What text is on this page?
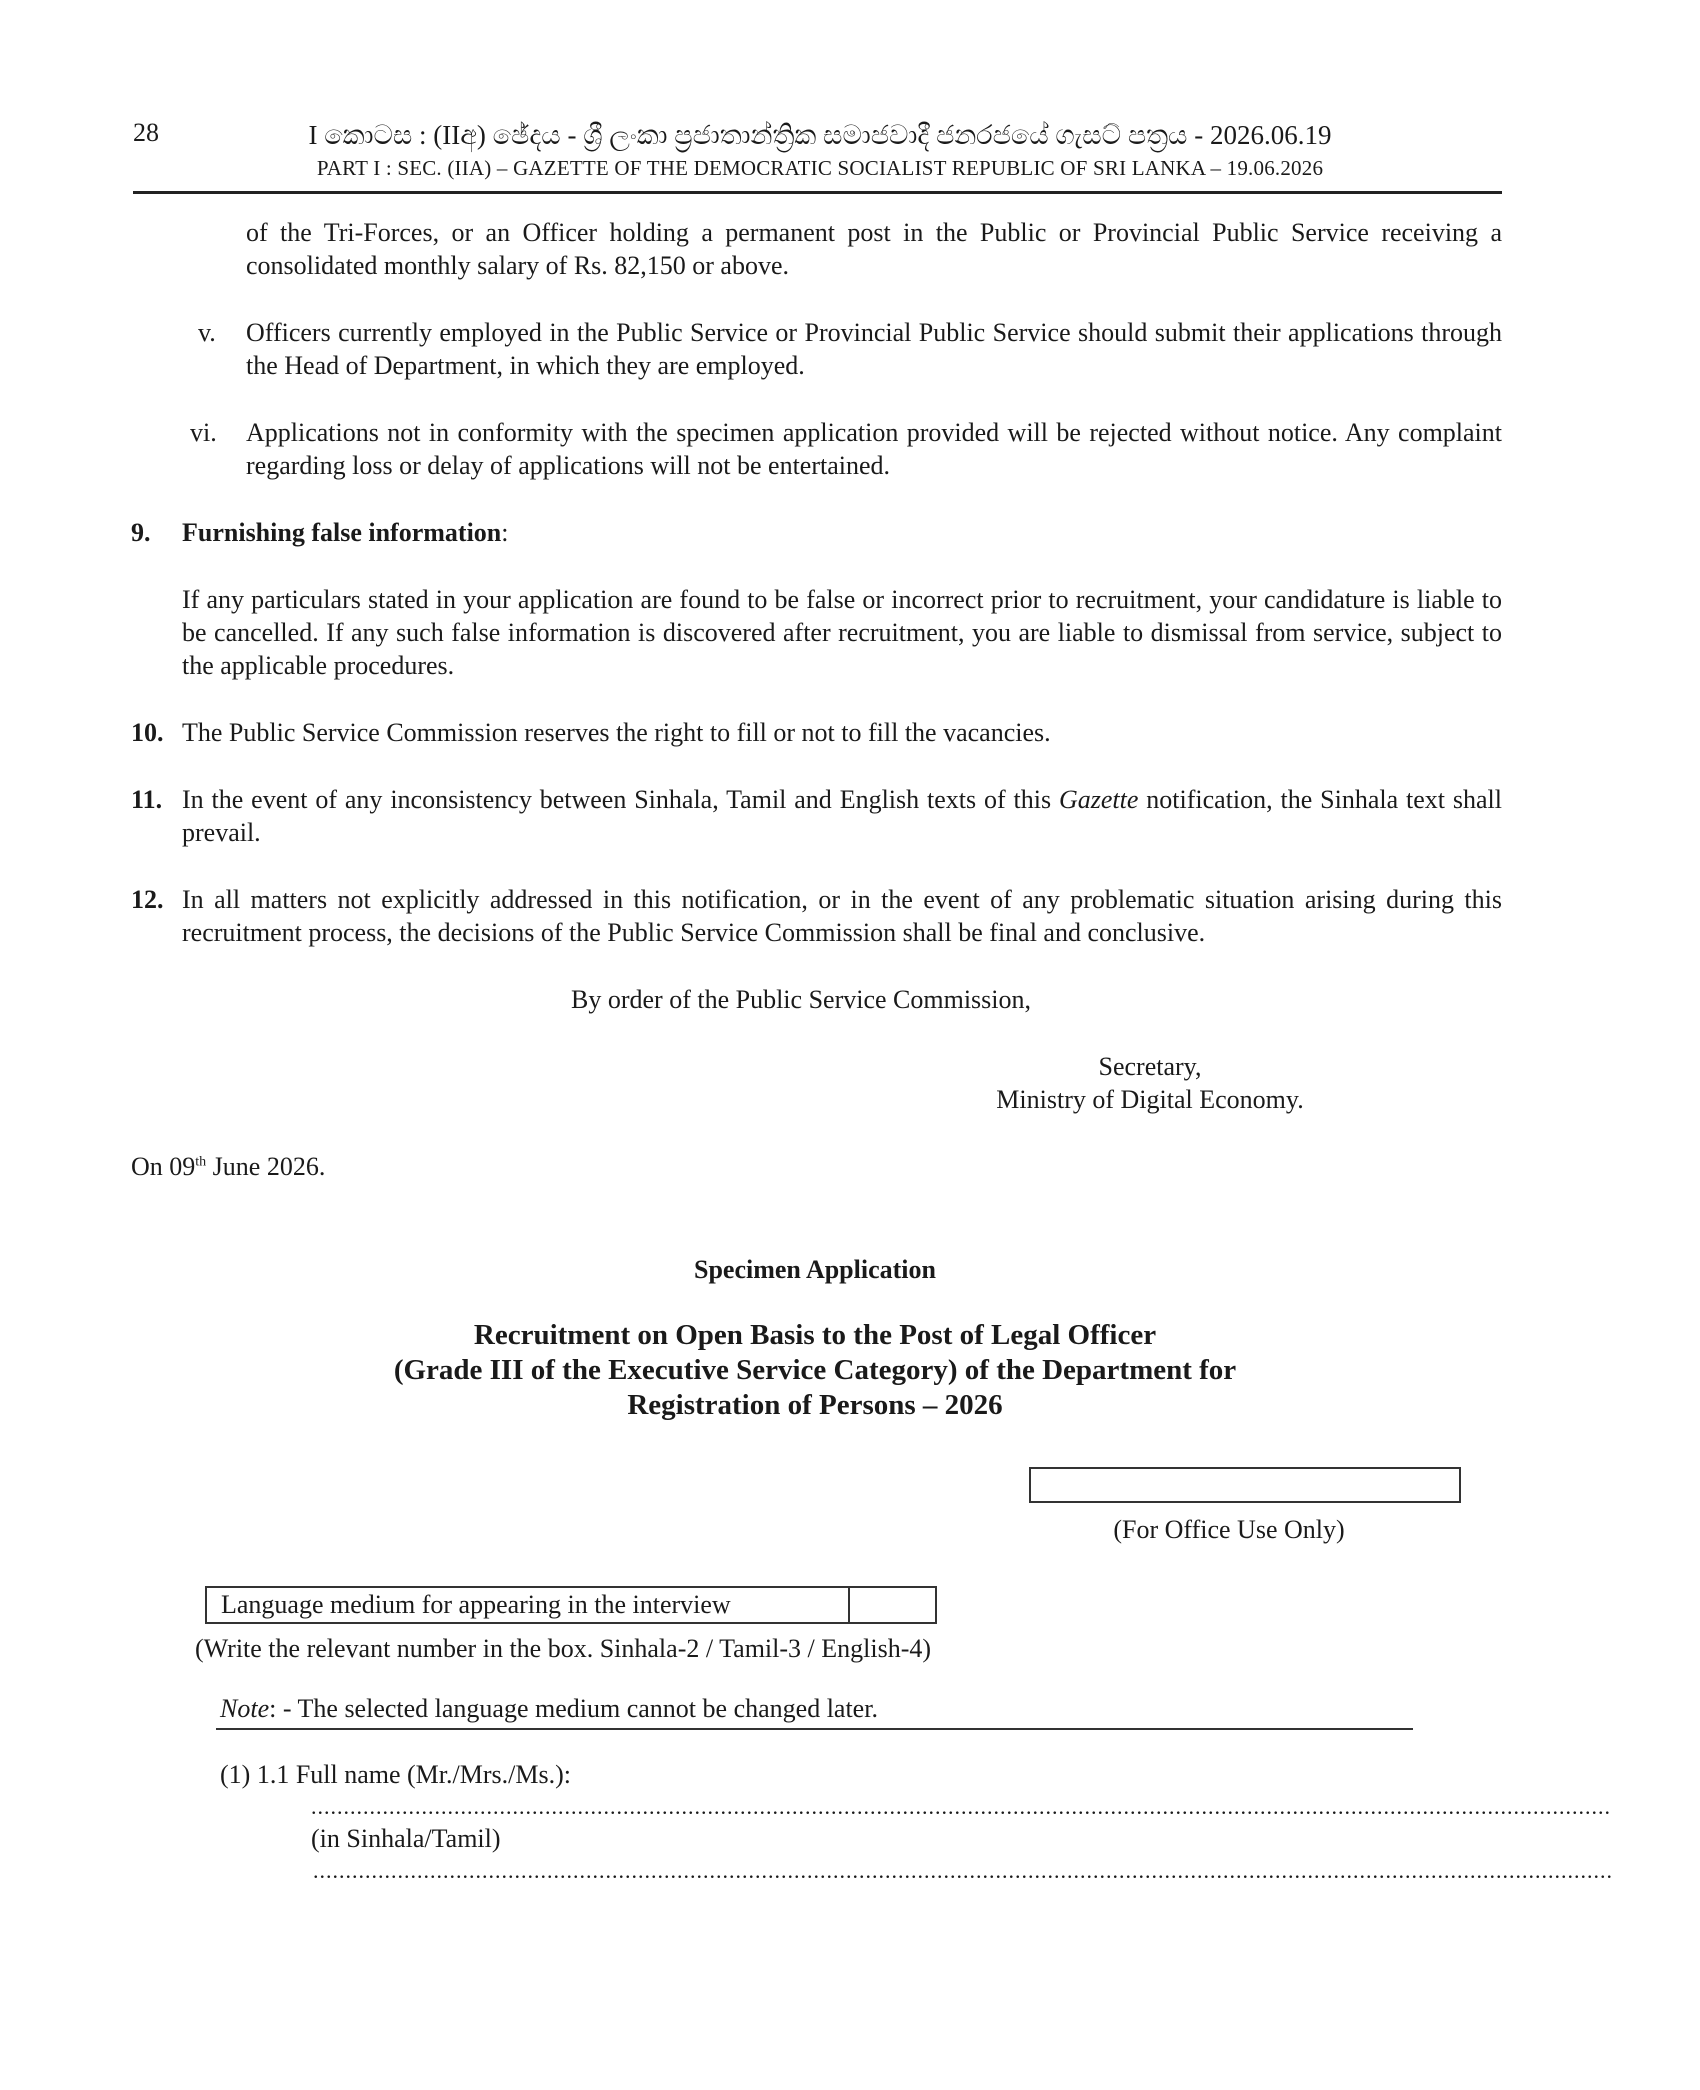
28	I කොටස : (IIඅ) ඡේදය - ශ්‍රී ලංකා ප්‍රජාතාන්ත්‍රික සමාජවාදී ජනරජයේ ගැසට් පත්‍රය - 2026.06.19
PART I : SEC. (IIA) – GAZETTE OF THE DEMOCRATIC SOCIALIST REPUBLIC OF SRI LANKA – 19.06.2026
of the Tri-Forces, or an Officer holding a permanent post in the Public or Provincial Public Service receiving a consolidated monthly salary of Rs. 82,150 or above.
v.	Officers currently employed in the Public Service or Provincial Public Service should submit their applications through the Head of Department, in which they are employed.
vi.	Applications not in conformity with the specimen application provided will be rejected without notice. Any complaint regarding loss or delay of applications will not be entertained.
9. Furnishing false information:
If any particulars stated in your application are found to be false or incorrect prior to recruitment, your candidature is liable to be cancelled. If any such false information is discovered after recruitment, you are liable to dismissal from service, subject to the applicable procedures.
10. The Public Service Commission reserves the right to fill or not to fill the vacancies.
11. In the event of any inconsistency between Sinhala, Tamil and English texts of this Gazette notification, the Sinhala text shall prevail.
12. In all matters not explicitly addressed in this notification, or in the event of any problematic situation arising during this recruitment process, the decisions of the Public Service Commission shall be final and conclusive.
By order of the Public Service Commission,
Secretary,
Ministry of Digital Economy.
On 09th June 2026.
Specimen Application
Recruitment on Open Basis to the Post of Legal Officer
(Grade III of the Executive Service Category) of the Department for
Registration of Persons – 2026
(For Office Use Only)
Language medium for appearing in the interview
(Write the relevant number in the box. Sinhala-2 / Tamil-3 / English-4)
Note: - The selected language medium cannot be changed later.
(1) 1.1 Full name (Mr./Mrs./Ms.):
........................................................................................................................................................................................................
(in Sinhala/Tamil)
........................................................................................................................................................................................................
